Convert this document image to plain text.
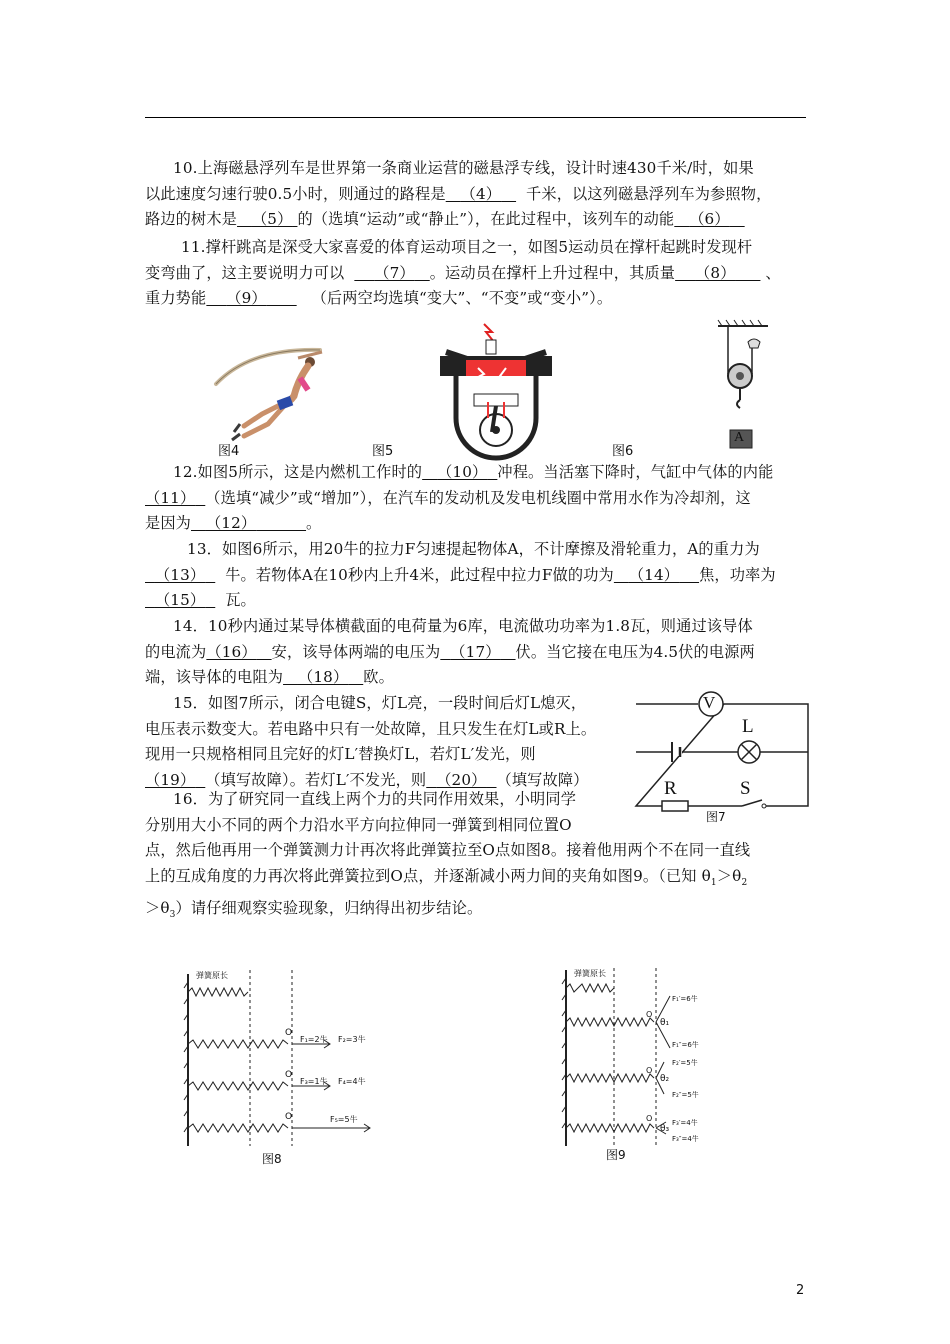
10.上海磁悬浮列车是世界第一条商业运营的磁悬浮专线，设计时速430千米/时，如果
以此速度匀速行驶0.5小时，则通过的路程是 （4） 千米，以这列磁悬浮列车为参照物，
路边的树木是 （5） 的（选填“运动”或“静止”），在此过程中，该列车的动能 （6）
11.撑杆跳高是深受大家喜爱的体育运动项目之一，如图5运动员在撑杆起跳时发现杆
变弯曲了，这主要说明力可以 （7） 。运动员在撑杆上升过程中，其质量 （8） 、
重力势能 （9）	（后两空均选填“变大”、“不变”或“变小”）。
图4	图5	图6
A
12.如图5所示，这是内燃机工作时的 （10） 冲程。当活塞下降时，气缸中气体的内能
（11） （选填“减少”或“增加”），在汽车的发动机及发电机线圈中常用水作为冷却剂，这
是因为 （12）	。
13．如图6所示，用20牛的拉力F匀速提起物体A，不计摩擦及滑轮重力，A的重力为
（13） 牛。若物体A在10秒内上升4米，此过程中拉力F做的功为 （14） 焦，功率为
（15） 瓦。
14．10秒内通过某导体横截面的电荷量为6库，电流做功功率为1.8瓦，则通过该导体
的电流为（16） 安，该导体两端的电压为 （17） 伏。当它接在电压为4.5伏的电源两
端，该导体的电阻为 （18） 欧。
15．如图7所示，闭合电键S，灯L亮，一段时间后灯L熄灭，
电压表示数变大。若电路中只有一处故障，且只发生在灯L或R上。
现用一只规格相同且完好的灯L′替换灯L，若灯L′发光，则
（19） （填写故障）。若灯L′不发光，则 （20） （填写故障）
V
L
R	S
图7
16．为了研究同一直线上两个力的共同作用效果，小明同学
分别用大小不同的两个力沿水平方向拉伸同一弹簧到相同位置O
点，然后他再用一个弹簧测力计再次将此弹簧拉至O点如图8。接着他用两个不在同一直线
上的互成角度的力再次将此弹簧拉到O点，并逐渐减小两力间的夹角如图9。（已知 $\theta_1>\theta_2$
$>\theta_3$）请仔细观察实验现象，归纳得出初步结论。
弹簧原长
O
F₁=2牛 F₂=3牛
O
F₃=1牛 F₄=4牛
O	F₅=5牛
图8
弹簧原长
O
F₁′=6牛
θ₁
F₁″=6牛
O
F₂′=5牛
θ₂
F₂″=5牛
O	F₃′=4牛
θ₃
F₃″=4牛
图9
2
